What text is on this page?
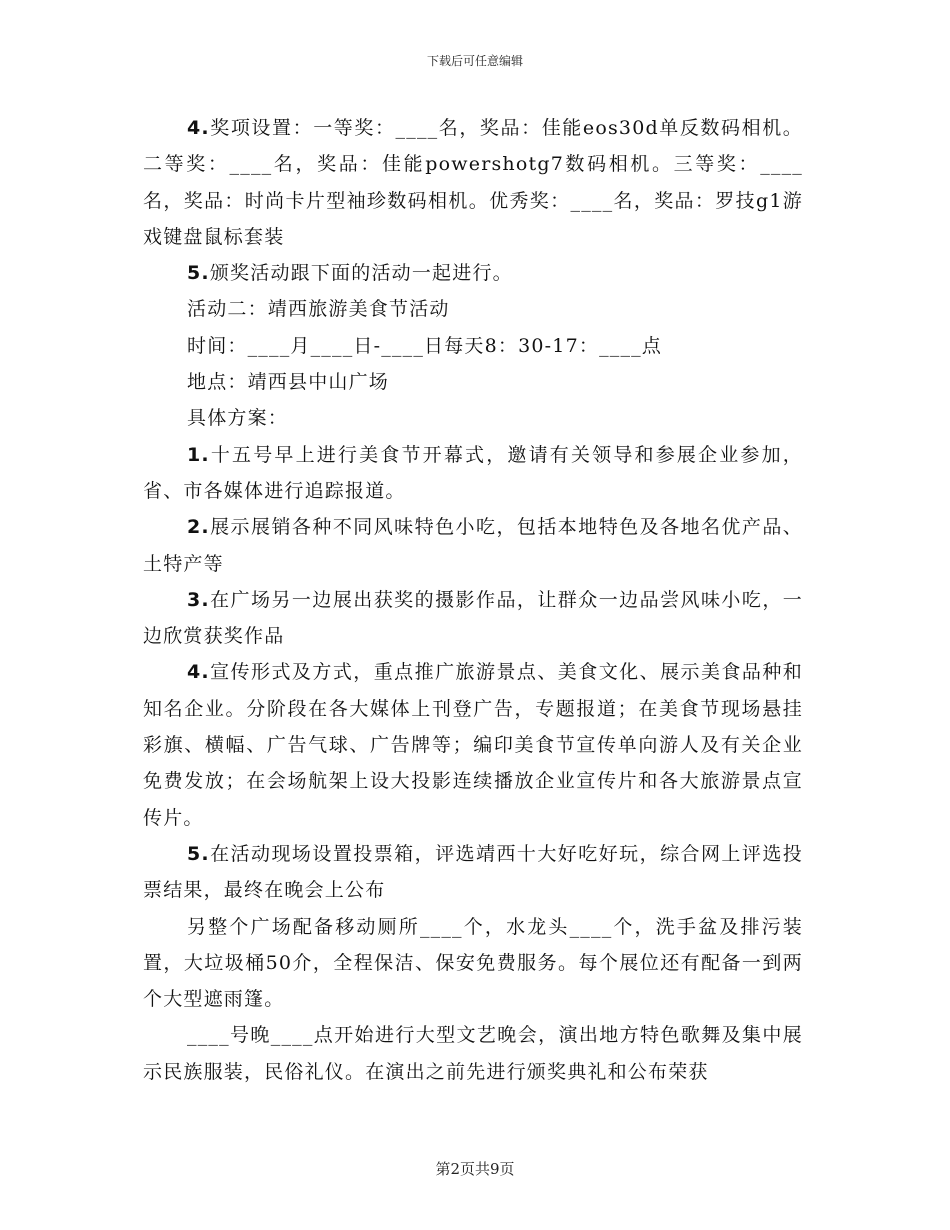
下载后可任意编辑

4.奖项设置：一等奖：____名，奖品：佳能eos30d单反数码相机。二等奖：____名，奖品：佳能powershotg7数码相机。三等奖：____名，奖品：时尚卡片型袖珍数码相机。优秀奖：____名，奖品：罗技g1游戏键盘鼠标套装

5.颁奖活动跟下面的活动一起进行。

活动二：靖西旅游美食节活动

时间：____月____日-____日每天8：30-17：____点

地点：靖西县中山广场

具体方案：

1.十五号早上进行美食节开幕式，邀请有关领导和参展企业参加，省、市各媒体进行追踪报道。

2.展示展销各种不同风味特色小吃，包括本地特色及各地名优产品、土特产等

3.在广场另一边展出获奖的摄影作品，让群众一边品尝风味小吃，一边欣赏获奖作品

4.宣传形式及方式，重点推广旅游景点、美食文化、展示美食品种和知名企业。分阶段在各大媒体上刊登广告，专题报道；在美食节现场悬挂彩旗、横幅、广告气球、广告牌等；编印美食节宣传单向游人及有关企业免费发放；在会场航架上设大投影连续播放企业宣传片和各大旅游景点宣传片。

5.在活动现场设置投票箱，评选靖西十大好吃好玩，综合网上评选投票结果，最终在晚会上公布

另整个广场配备移动厕所____个，水龙头____个，洗手盆及排污装置，大垃圾桶50介，全程保洁、保安免费服务。每个展位还有配备一到两个大型遮雨篷。

____号晚____点开始进行大型文艺晚会，演出地方特色歌舞及集中展示民族服装，民俗礼仪。在演出之前先进行颁奖典礼和公布荣获

第2页共9页
